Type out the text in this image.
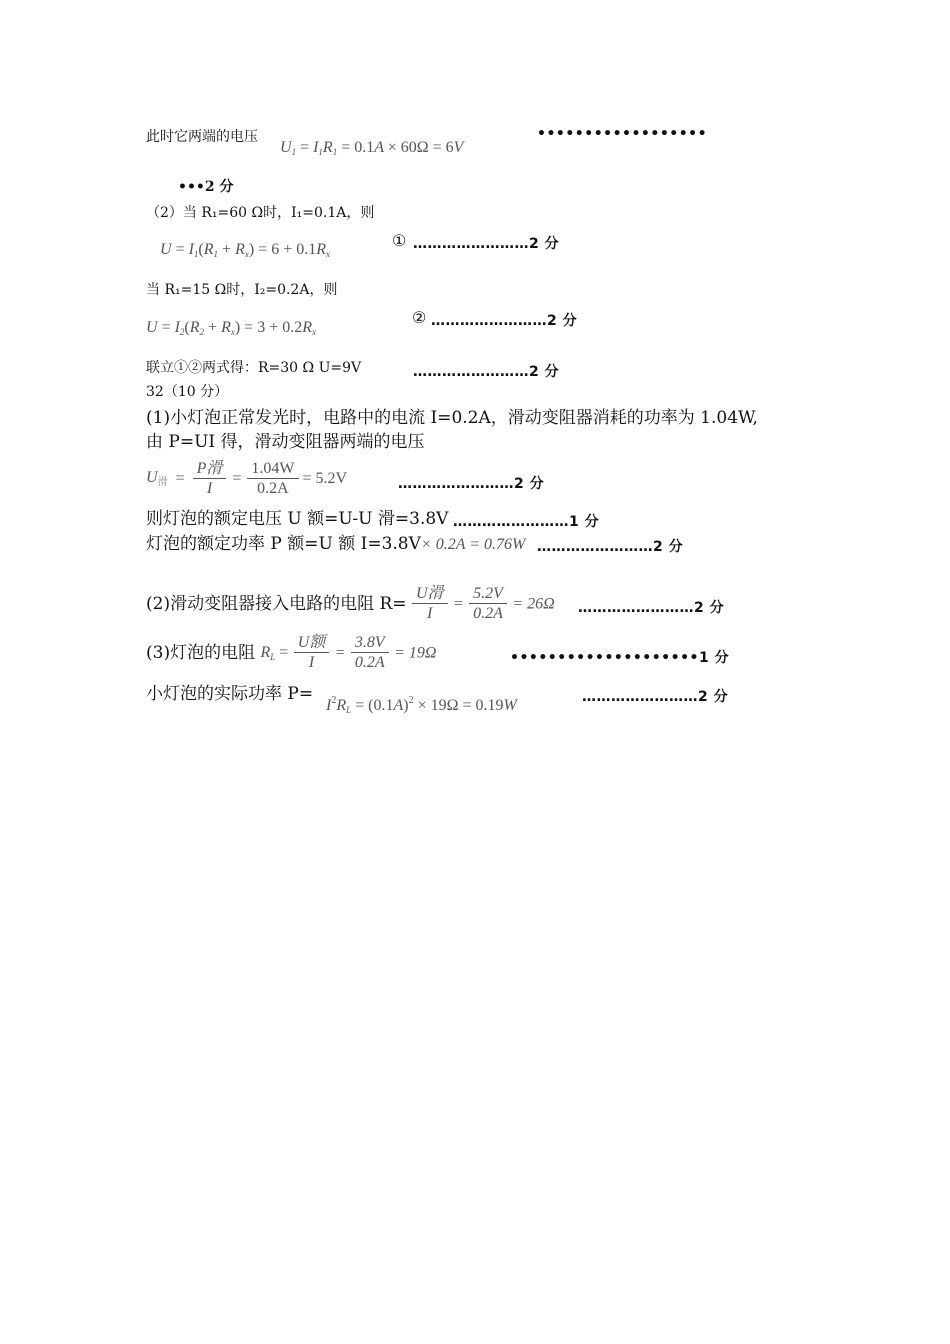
此时它两端的电压
$U_1 = I_1R_1 = 0.1A \times 60\Omega = 6V$
••••••••••••••••••
•••2 分
（2）当 R₁=60 Ω时，I₁=0.1A，则
$U = I_1(R_1 + R_x) = 6 + 0.1R_x$
① ……………………2 分
当 R₁=15 Ω时，I₂=0.2A，则
$U = I_2(R_2 + R_x) = 3 + 0.2R_x$
② ……………………2 分
联立①②两式得：R=30 Ω U=9V	……………………2 分
32（10 分）
(1)小灯泡正常发光时，电路中的电流 I=0.2A，滑动变阻器消耗的功率为 1.04W,
由 P=UI 得，滑动变阻器两端的电压
U滑 = $\frac{\text{P滑}}{I} = \frac{1.04W}{0.2A} = 5.2V$	……………………2 分
则灯泡的额定电压 U 额=U-U 滑=3.8V ……………………1 分
灯泡的额定功率 P 额=U 额 I=3.8V× 0.2A = 0.76W ……………………2 分
(2)滑动变阻器接入电路的电阻 $R= \frac{\text{U滑}}{I} = \frac{5.2V}{0.2A} = 26\Omega$ ……………………2 分
(3)灯泡的电阻 $R_L = \frac{\text{U额}}{I} = \frac{3.8V}{0.2A} = 19\Omega$	••••••••••••••••••••1 分
小灯泡的实际功率 P=
$I^2R_L = (0.1A)^2 \times 19\Omega = 0.19W$	……………………2 分
